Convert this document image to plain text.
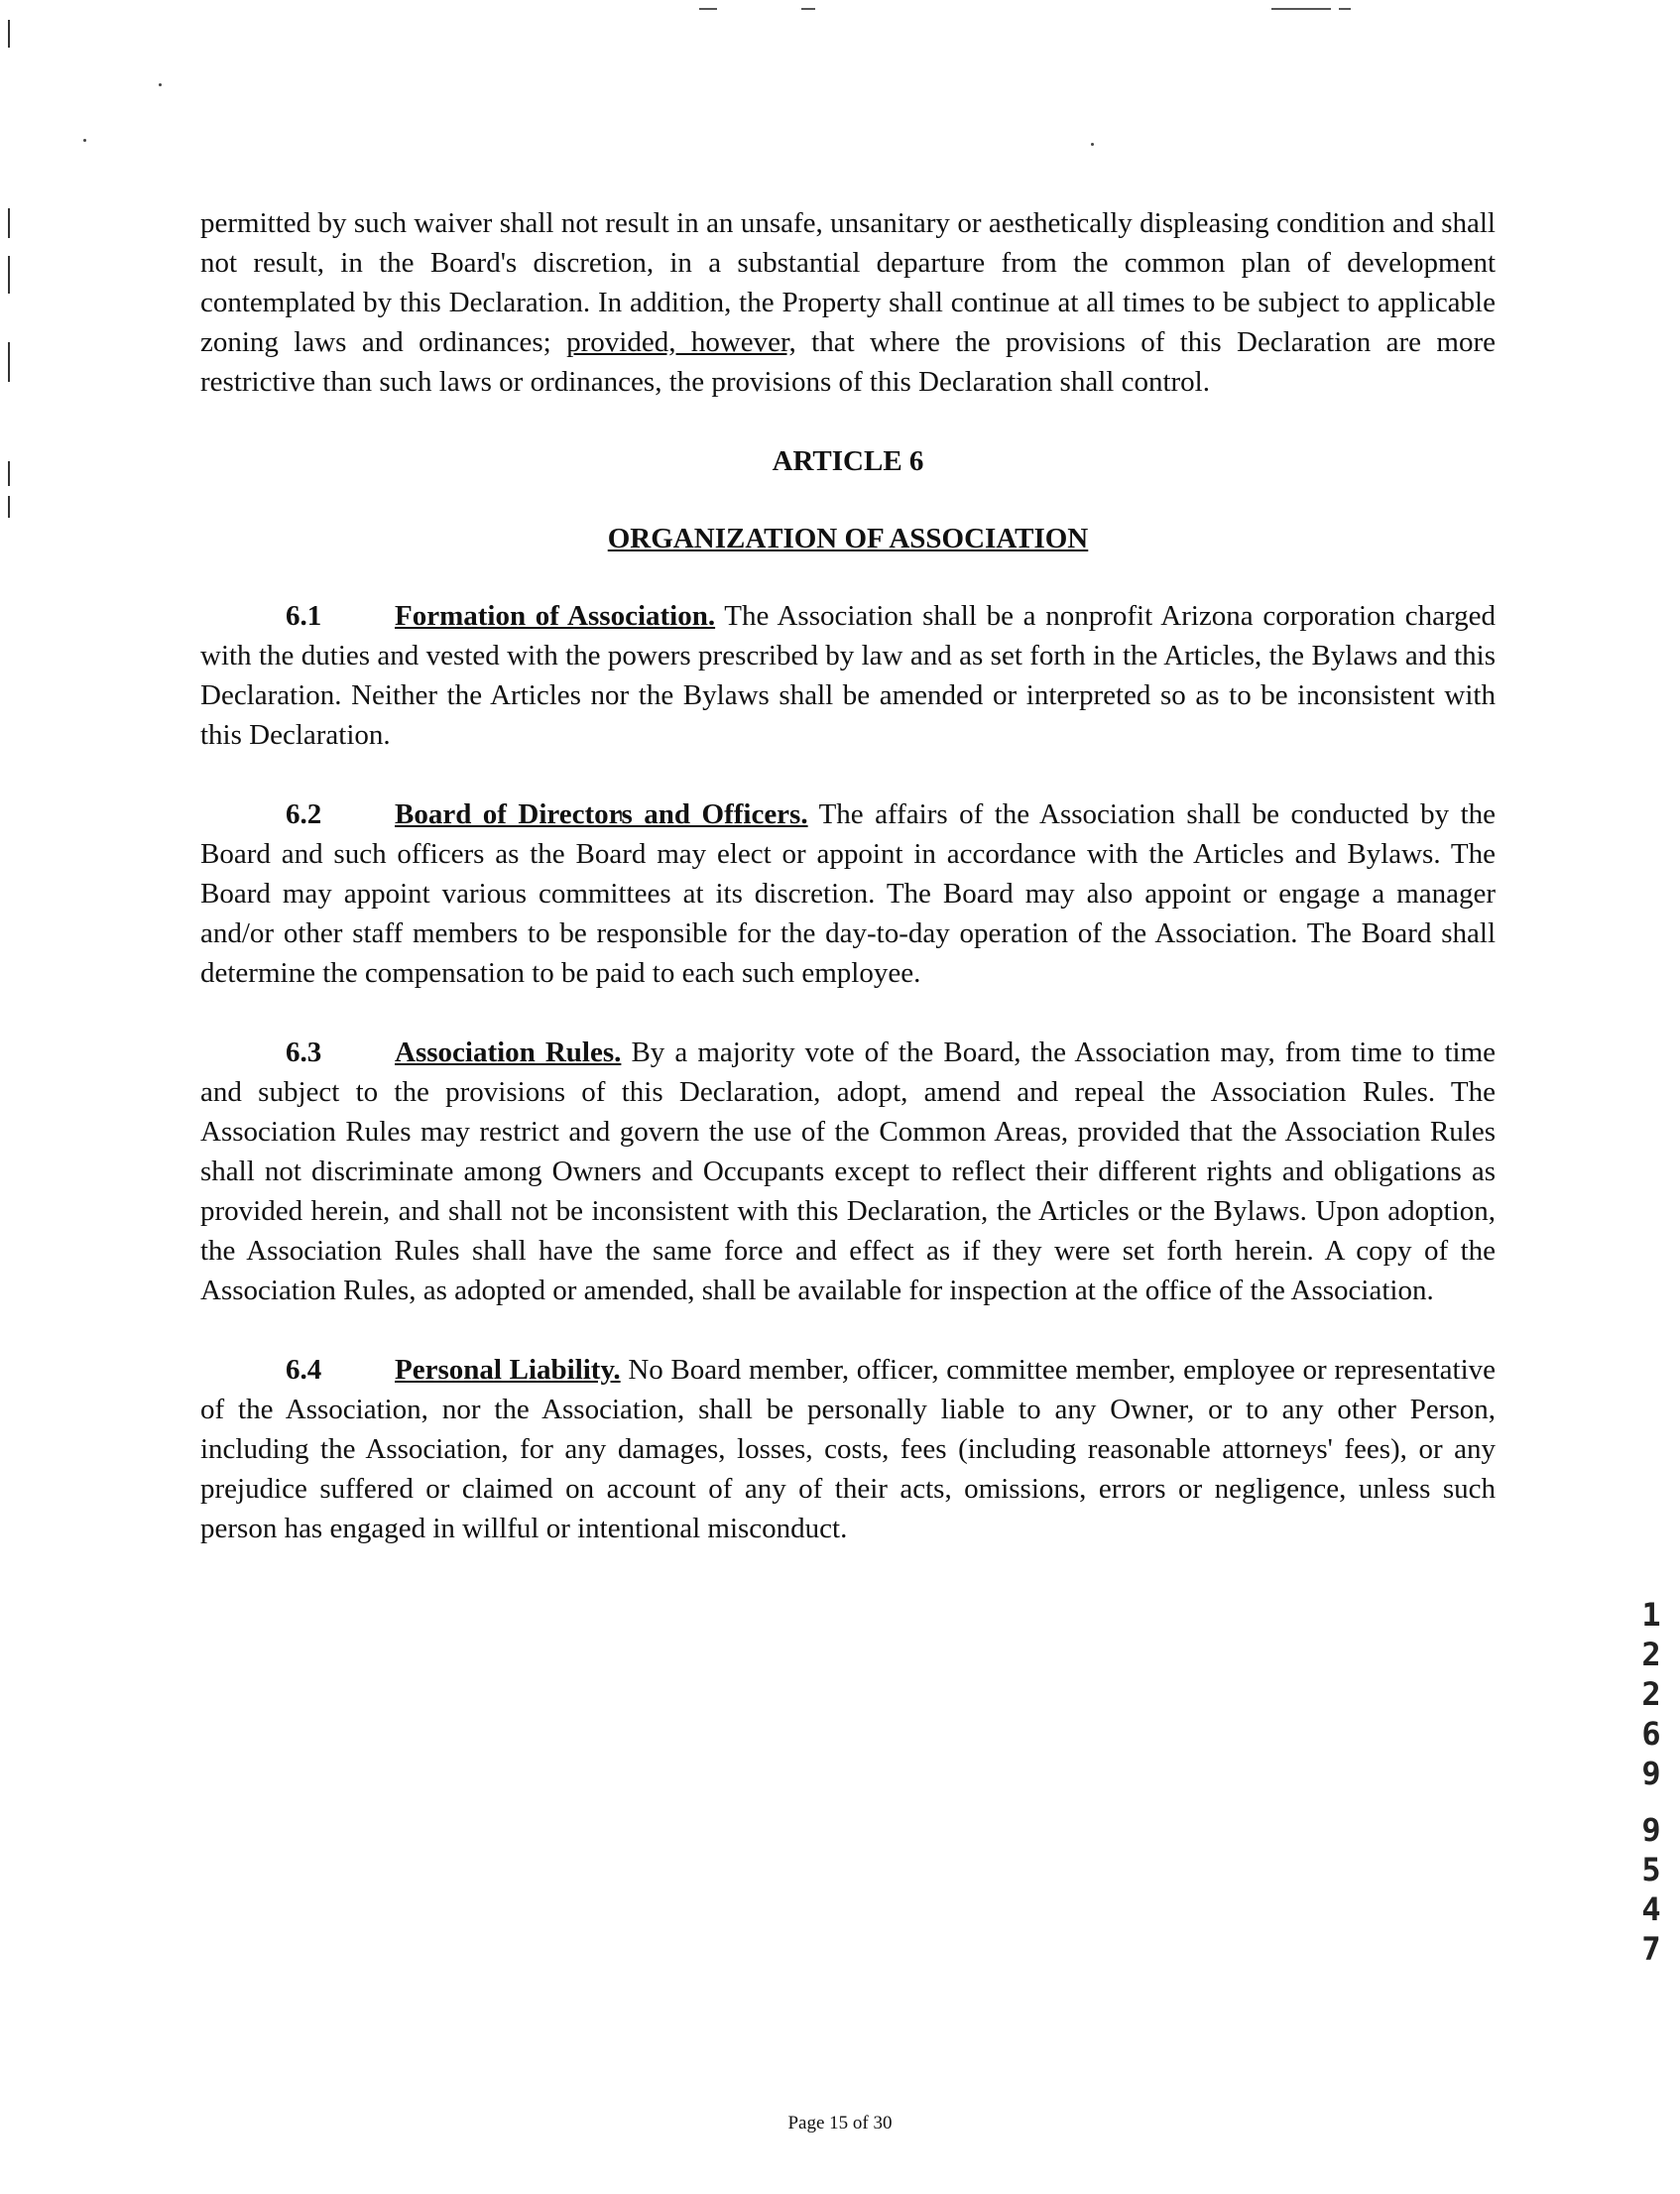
permitted by such waiver shall not result in an unsafe, unsanitary or aesthetically displeasing condition and shall not result, in the Board's discretion, in a substantial departure from the common plan of development contemplated by this Declaration. In addition, the Property shall continue at all times to be subject to applicable zoning laws and ordinances; provided, however, that where the provisions of this Declaration are more restrictive than such laws or ordinances, the provisions of this Declaration shall control.

ARTICLE 6

ORGANIZATION OF ASSOCIATION

6.1	Formation of Association. The Association shall be a nonprofit Arizona corporation charged with the duties and vested with the powers prescribed by law and as set forth in the Articles, the Bylaws and this Declaration. Neither the Articles nor the Bylaws shall be amended or interpreted so as to be inconsistent with this Declaration.

6.2	Board of Directors and Officers. The affairs of the Association shall be conducted by the Board and such officers as the Board may elect or appoint in accordance with the Articles and Bylaws. The Board may appoint various committees at its discretion. The Board may also appoint or engage a manager and/or other staff members to be responsible for the day-to-day operation of the Association. The Board shall determine the compensation to be paid to each such employee.

6.3	Association Rules. By a majority vote of the Board, the Association may, from time to time and subject to the provisions of this Declaration, adopt, amend and repeal the Association Rules. The Association Rules may restrict and govern the use of the Common Areas, provided that the Association Rules shall not discriminate among Owners and Occupants except to reflect their different rights and obligations as provided herein, and shall not be inconsistent with this Declaration, the Articles or the Bylaws. Upon adoption, the Association Rules shall have the same force and effect as if they were set forth herein. A copy of the Association Rules, as adopted or amended, shall be available for inspection at the office of the Association.

6.4	Personal Liability. No Board member, officer, committee member, employee or representative of the Association, nor the Association, shall be personally liable to any Owner, or to any other Person, including the Association, for any damages, losses, costs, fees (including reasonable attorneys' fees), or any prejudice suffered or claimed on account of any of their acts, omissions, errors or negligence, unless such person has engaged in willful or intentional misconduct.

1
2
2
6
9
9
5
4
7
Page 15 of 30
